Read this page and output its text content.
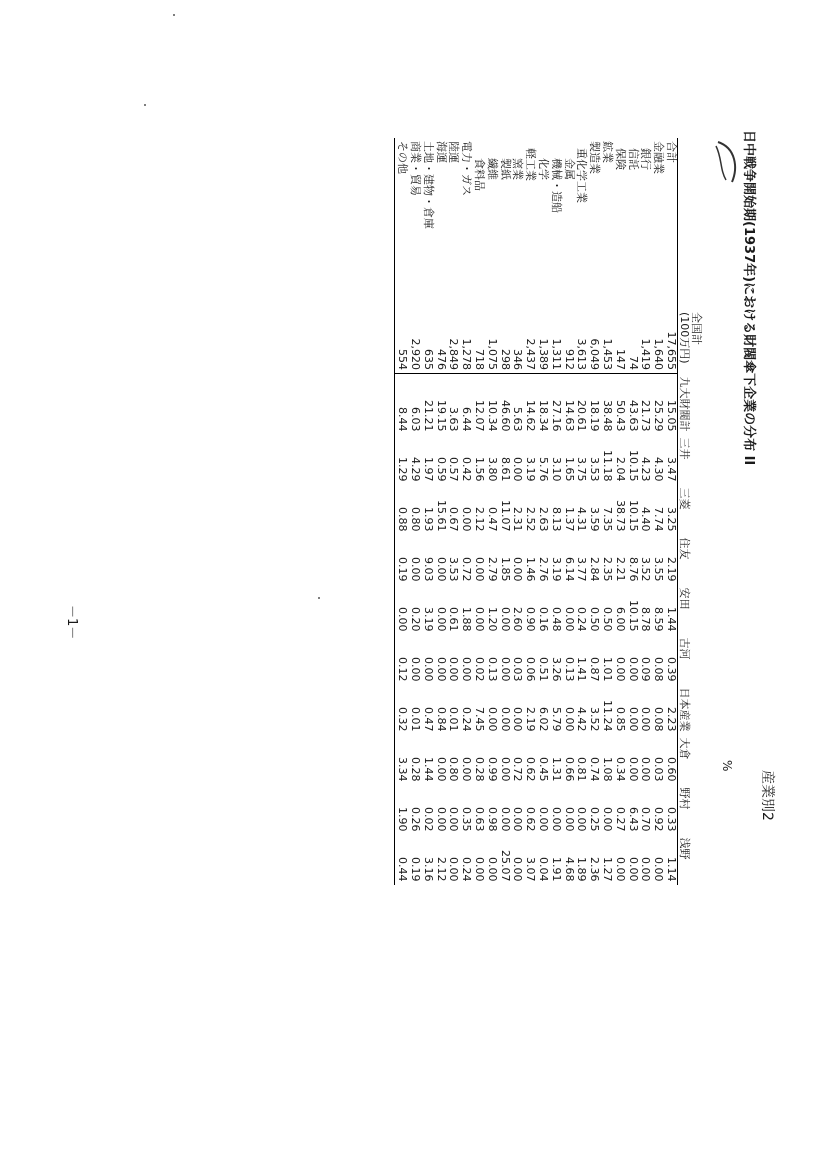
産業別2
日中戦争開始期(1937年)における財閥傘下企業の分布 II
%
	全国計
(100万円)	九大財閥計	三井	三菱	住友	安田	古河	日本産業	大倉	野村	浅野
合計	17,655	15.05	3.47	3.25	2.19	1.44	0.39	2.23	0.60	0.33	1.14
金融業	1,640	25.29	4.30	7.74	3.55	8.59	0.08	0.08	0.03	0.92	0.00
銀行	1,419	21.73	4.23	4.40	3.52	8.78	0.09	0.00	0.00	0.70	0.00
信託	74	43.63	10.15	10.15	8.76	10.15	0.00	0.00	0.00	6.43	0.00
保険	147	50.43	2.04	38.73	2.21	6.00	0.00	0.85	0.34	0.27	0.00
鉱業	1,453	38.48	11.18	7.35	2.35	0.50	1.01	11.24	1.08	0.00	1.27
製造業	6,049	18.19	3.53	3.59	2.84	0.50	0.87	3.52	0.74	0.25	2.36
重化学工業	3,613	20.61	3.75	4.31	3.77	0.24	1.41	4.42	0.81	0.00	1.89
金属	912	14.63	1.65	1.37	6.14	0.00	0.13	0.00	0.66	0.00	4.68
機械・造船	1,311	27.16	3.10	8.13	3.19	0.48	3.26	5.79	1.31	0.00	1.91
化学	1,389	18.34	5.76	2.63	2.76	0.16	0.51	6.02	0.45	0.00	0.04
軽工業	2,437	14.62	3.19	2.52	1.46	0.90	0.06	2.19	0.62	0.62	3.07
窯業	346	5.63	0.00	2.31	0.00	2.60	0.03	0.00	0.72	0.00	0.00
製紙	298	46.60	8.61	11.07	1.85	0.00	0.00	0.00	0.00	0.00	25.07
繊維	1,075	10.34	3.80	0.47	2.79	1.20	0.13	0.00	0.99	0.98	0.00
食料品	718	12.07	1.56	2.12	0.00	0.00	0.02	7.45	0.28	0.63	0.00
電力・ガス	1,278	6.44	0.42	0.00	0.72	1.88	0.00	0.24	0.00	0.35	0.24
陸運	2,849	3.63	0.57	0.67	3.53	0.61	0.00	0.01	0.80	0.00	0.00
海運	476	19.15	0.59	15.61	0.00	0.00	0.00	0.84	0.00	0.00	2.12
土地・建物・倉庫	635	21.21	1.97	1.93	9.03	3.19	0.00	0.47	1.44	0.02	3.16
商業・貿易	2,920	6.03	4.29	0.80	0.00	0.20	0.00	0.01	0.28	0.26	0.19
その他	554	8.44	1.29	0.88	0.19	0.00	0.12	0.32	3.34	1.90	0.44
－1－
